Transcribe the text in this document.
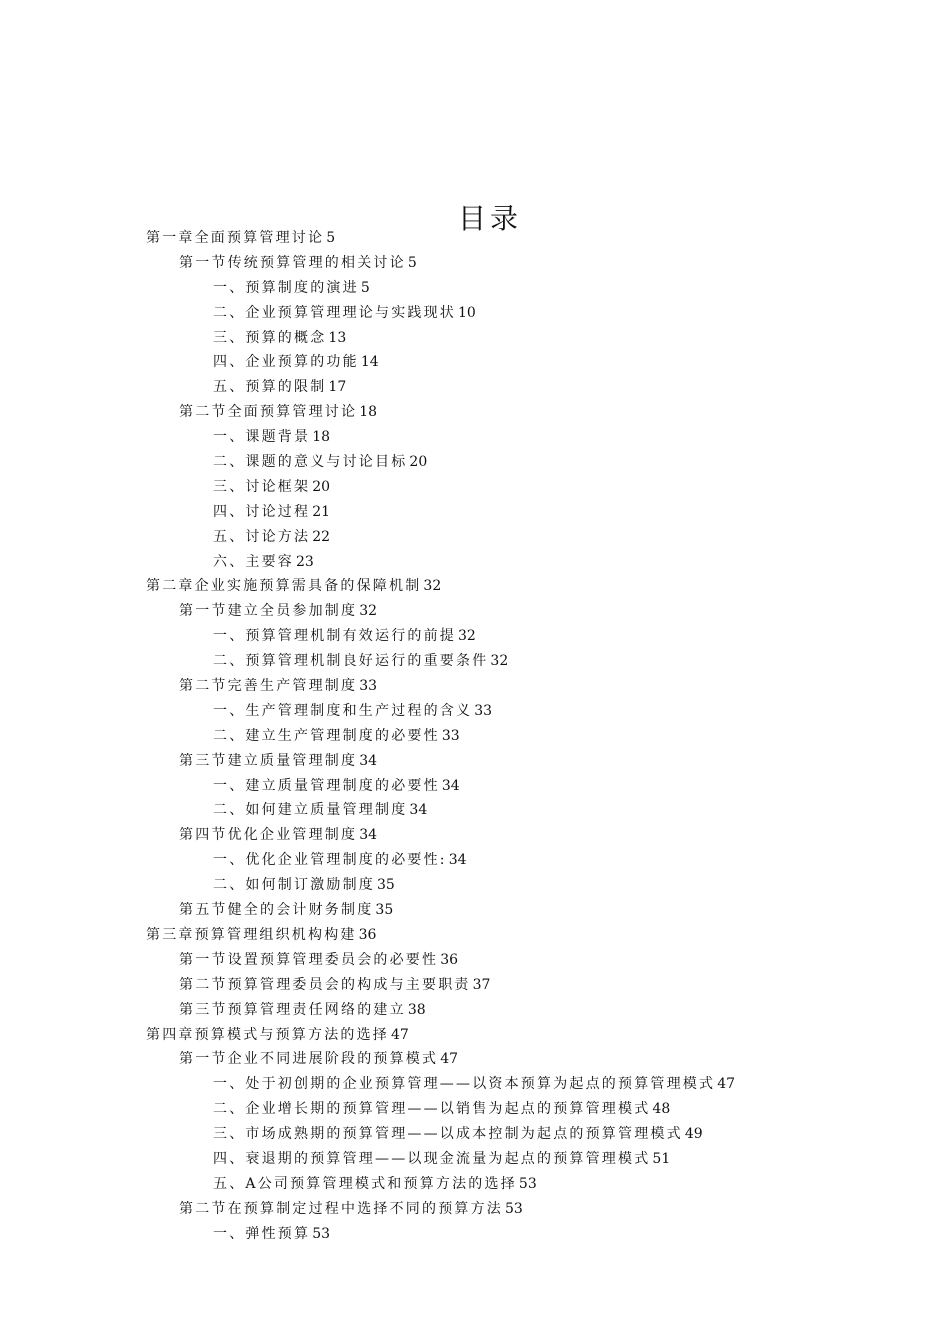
目录
第一章全面预算管理讨论 5
第一节传统预算管理的相关讨论 5
一、预算制度的演进 5
二、企业预算管理理论与实践现状 10
三、预算的概念 13
四、企业预算的功能 14
五、预算的限制 17
第二节全面预算管理讨论 18
一、课题背景 18
二、课题的意义与讨论目标 20
三、讨论框架 20
四、讨论过程 21
五、讨论方法 22
六、主要容 23
第二章企业实施预算需具备的保障机制 32
第一节建立全员参加制度 32
一、预算管理机制有效运行的前提 32
二、预算管理机制良好运行的重要条件 32
第二节完善生产管理制度 33
一、生产管理制度和生产过程的含义 33
二、建立生产管理制度的必要性 33
第三节建立质量管理制度 34
一、建立质量管理制度的必要性 34
二、如何建立质量管理制度 34
第四节优化企业管理制度 34
一、优化企业管理制度的必要性: 34
二、如何制订激励制度 35
第五节健全的会计财务制度 35
第三章预算管理组织机构构建 36
第一节设置预算管理委员会的必要性 36
第二节预算管理委员会的构成与主要职责 37
第三节预算管理责任网络的建立 38
第四章预算模式与预算方法的选择 47
第一节企业不同进展阶段的预算模式 47
一、处于初创期的企业预算管理——以资本预算为起点的预算管理模式 47
二、企业增长期的预算管理——以销售为起点的预算管理模式 48
三、市场成熟期的预算管理——以成本控制为起点的预算管理模式 49
四、衰退期的预算管理——以现金流量为起点的预算管理模式 51
五、A公司预算管理模式和预算方法的选择 53
第二节在预算制定过程中选择不同的预算方法 53
一、弹性预算 53
